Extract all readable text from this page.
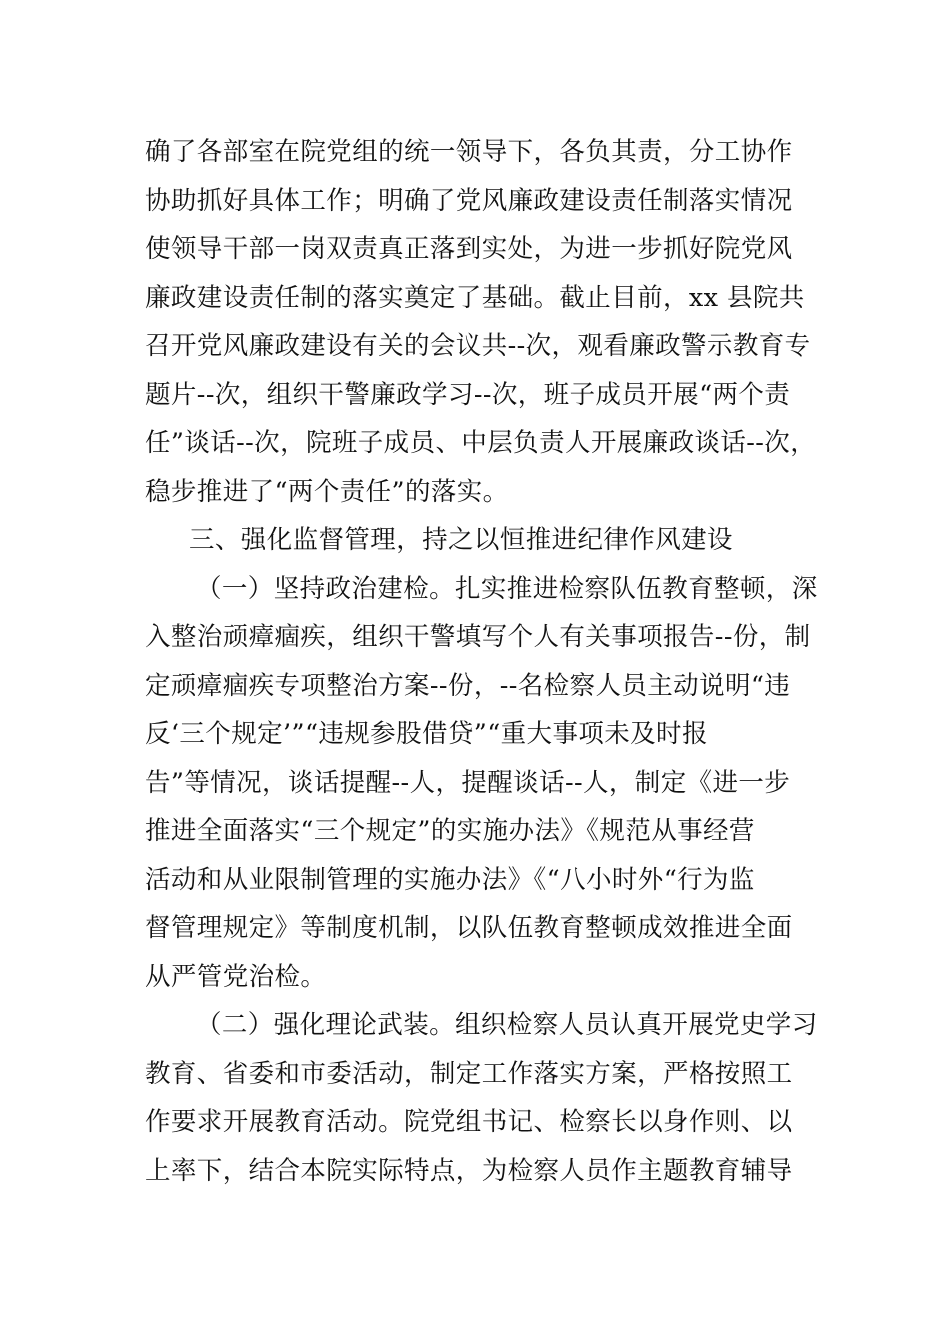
确了各部室在院党组的统一领导下，各负其责，分工协作
协助抓好具体工作；明确了党风廉政建设责任制落实情况
使领导干部一岗双责真正落到实处，为进一步抓好院党风
廉政建设责任制的落实奠定了基础。截止目前，xx 县院共
召开党风廉政建设有关的会议共--次，观看廉政警示教育专
题片--次，组织干警廉政学习--次，班子成员开展“两个责
任”谈话--次，院班子成员、中层负责人开展廉政谈话--次，
稳步推进了“两个责任”的落实。
三、强化监督管理，持之以恒推进纪律作风建设
（一）坚持政治建检。扎实推进检察队伍教育整顿，深
入整治顽瘴痼疾，组织干警填写个人有关事项报告--份，制
定顽瘴痼疾专项整治方案--份，--名检察人员主动说明“违
反‘三个规定’”“违规参股借贷”“重大事项未及时报
告”等情况，谈话提醒--人，提醒谈话--人，制定《进一步
推进全面落实“三个规定”的实施办法》《规范从事经营
活动和从业限制管理的实施办法》《“八小时外“行为监
督管理规定》等制度机制，以队伍教育整顿成效推进全面
从严管党治检。
（二）强化理论武装。组织检察人员认真开展党史学习
教育、省委和市委活动，制定工作落实方案，严格按照工
作要求开展教育活动。院党组书记、检察长以身作则、以
上率下，结合本院实际特点，为检察人员作主题教育辅导
